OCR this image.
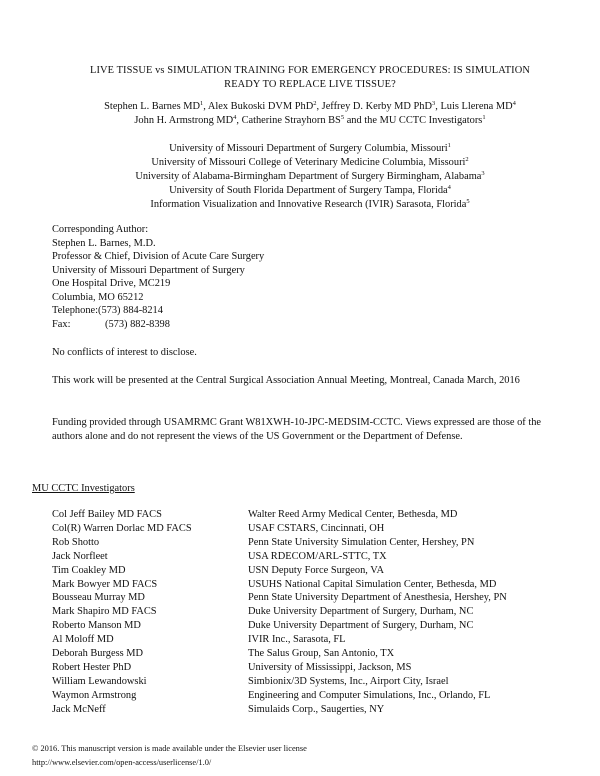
LIVE TISSUE vs SIMULATION TRAINING FOR EMERGENCY PROCEDURES: IS SIMULATION
READY TO REPLACE LIVE TISSUE?
Stephen L. Barnes $MD^1$, Alex Bukoski DVM PhD$^2$, Jeffrey D. Kerby MD PhD$^3$, Luis Llerena $MD^4$
John H. Armstrong $MD^4$, Catherine Strayhorn $BS^5$ and the MU CCTC Investigators$^1$
University of Missouri Department of Surgery Columbia, Missouri$^1$
University of Missouri College of Veterinary Medicine Columbia, Missouri$^2$
University of Alabama-Birmingham Department of Surgery Birmingham, Alabama$^3$
University of South Florida Department of Surgery Tampa, Florida$^4$
Information Visualization and Innovative Research (IVIR) Sarasota, Florida$^5$
Corresponding Author:
Stephen L. Barnes, M.D.
Professor & Chief, Division of Acute Care Surgery
University of Missouri Department of Surgery
One Hospital Drive, MC219
Columbia, MO 65212
Telephone:(573) 884-8214
Fax:	(573) 882-8398
No conflicts of interest to disclose.
This work will be presented at the Central Surgical Association Annual Meeting, Montreal, Canada March, 2016
Funding provided through USAMRMC Grant W81XWH-10-JPC-MEDSIM-CCTC. Views expressed are those of the authors alone and do not represent the views of the US Government or the Department of Defense.
MU CCTC Investigators
Col Jeff Bailey MD FACS	Walter Reed Army Medical Center, Bethesda, MD
Col(R) Warren Dorlac MD FACS	USAF CSTARS, Cincinnati, OH
Rob Shotto	Penn State University Simulation Center, Hershey, PN
Jack Norfleet	USA RDECOM/ARL-STTC, TX
Tim Coakley MD	USN Deputy Force Surgeon, VA
Mark Bowyer MD FACS	USUHS National Capital Simulation Center, Bethesda, MD
Bousseau Murray MD	Penn State University Department of Anesthesia, Hershey, PN
Mark Shapiro MD FACS	Duke University Department of Surgery, Durham, NC
Roberto Manson MD	Duke University Department of Surgery, Durham, NC
Al Moloff MD	IVIR Inc., Sarasota, FL
Deborah Burgess MD	The Salus Group, San Antonio, TX
Robert Hester PhD	University of Mississippi, Jackson, MS
William Lewandowski	Simbionix/3D Systems, Inc., Airport City, Israel
Waymon Armstrong	Engineering and Computer Simulations, Inc., Orlando, FL
Jack McNeff	Simulaids Corp., Saugerties, NY
© 2016. This manuscript version is made available under the Elsevier user license
http://www.elsevier.com/open-access/userlicense/1.0/
